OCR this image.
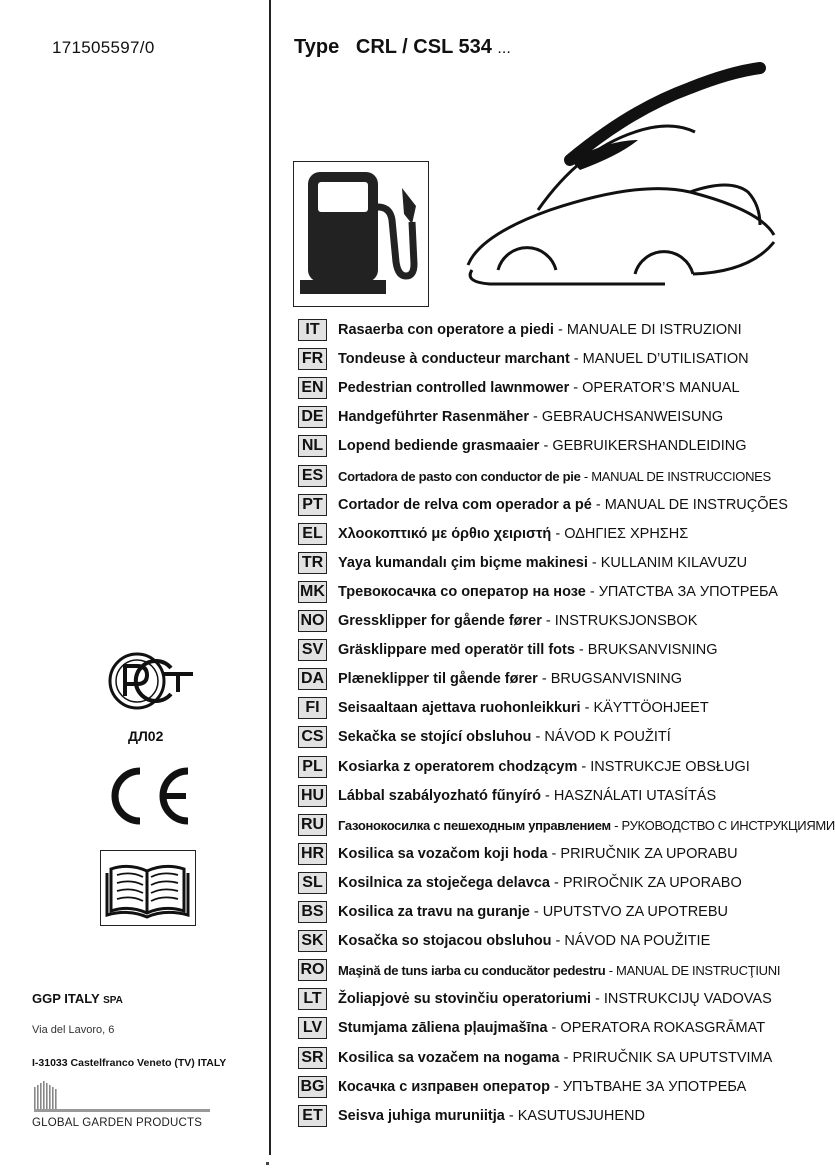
171505597/0	Type CRL / CSL 534 ...
IT	Rasaerba con operatore a piedi - MANUALE DI ISTRUZIONI
FR Tondeuse à conducteur marchant - MANUEL D’UTILISATION
EN Pedestrian controlled lawnmower - OPERATOR’S MANUAL
DE Handgeführter Rasenmäher - GEBRAUCHSANWEISUNG
NL Lopend bediende grasmaaier - GEBRUIKERSHANDLEIDING
ES Cortadora de pasto con conductor de pie - MANUAL DE INSTRUCCIONES
PT Cortador de relva com operador a pé - MANUAL DE INSTRUÇÕES
EL Χλοοκοπτικό με όρθιο χειριστή - ΟΔΗΓΙΕΣ ΧΡΗΣΗΣ
TR Yaya kumandalı çim biçme makinesi - KULLANIM KILAVUZU
MK Тревокосачка со оператор на нозе - УПАТСТВА ЗА УПОТРЕБА
NO Gressklipper for gående fører - INSTRUKSJONSBOK
SV Gräsklippare med operatör till fots - BRUKSANVISNING
DA Plæneklipper til gående fører - BRUGSANVISNING
FI	Seisaaltaan ajettava ruohonleikkuri - KÄYTTÖOHJEET
CS Sekačka se stojící obsluhou - NÁVOD K POUŽITÍ
PL Kosiarka z operatorem chodzącym - INSTRUKCJE OBSŁUGI
HU Lábbal szabályozható fűnyíró - HASZNÁLATI UTASÍTÁS
RU Газонокосилка с пешеходным управлением - РУКОВОДСТВО С ИНСТРУКЦИЯМИ
HR Kosilica sa vozačom koji hoda - PRIRUČNIK ZA UPORABU
SL Kosilnica za stoječega delavca - PRIROČNIK ZA UPORABO
BS Kosilica za travu na guranje - UPUTSTVO ZA UPOTREBU
SK Kosačka so stojacou obsluhou - NÁVOD NA POUŽITIE
RO Maşină de tuns iarba cu conducător pedestru - MANUAL DE INSTRUCŢIUNI
LT	Žoliapjovė su stovinčiu operatoriumi - INSTRUKCIJŲ VADOVAS
LV	Stumjama zāliena pļaujmašīna - OPERATORA ROKASGRĀMAT
SR Kosilica sa vozačem na nogama - PRIRUČNIK SA UPUTSTVIMA
BG Косачка с изправен оператор - УПЪТВАНЕ ЗА УПОТРЕБА
ET Seisva juhiga muruniitja - KASUTUSJUHEND
ДЛ02
GGP ITALY SPA
Via del Lavoro, 6
I-31033 Castelfranco Veneto (TV) ITALY
GLOBAL GARDEN PRODUCTS
